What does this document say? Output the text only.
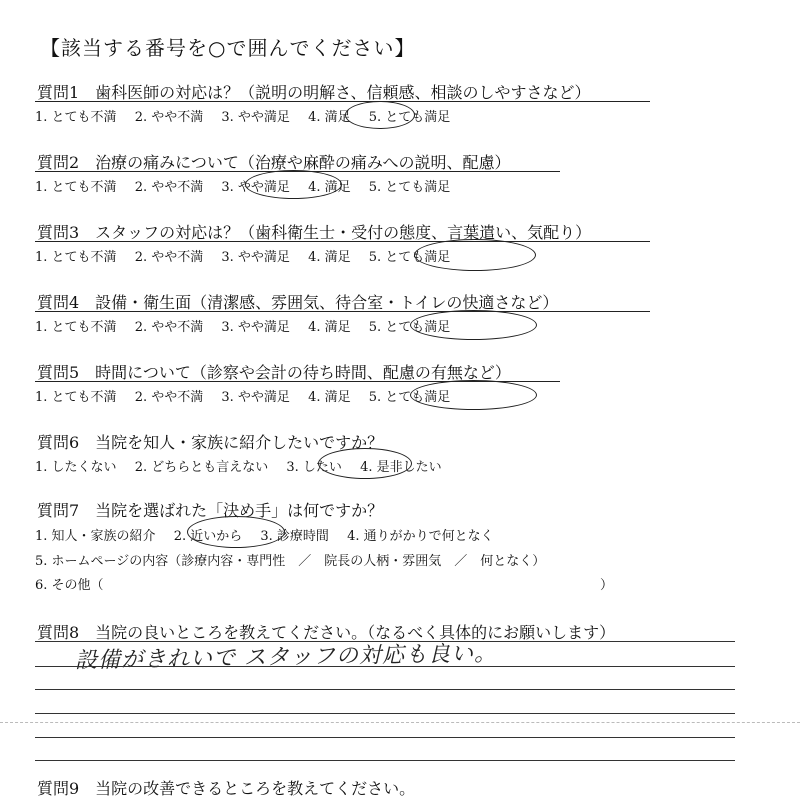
【該当する番号を○で囲んでください】
質問1　歯科医師の対応は？（説明の明解さ、信頼感、相談のしやすさなど）
1. とても不満 2. やや不満 3. やや満足 4. 満足 5. とても満足
質問2　治療の痛みについて（治療や麻酔の痛みへの説明、配慮）
1. とても不満 2. やや不満 3. やや満足 4. 満足 5. とても満足
質問3　スタッフの対応は？（歯科衛生士・受付の態度、言葉遣い、気配り）
1. とても不満 2. やや不満 3. やや満足 4. 満足 5. とても満足
質問4　設備・衛生面（清潔感、雰囲気、待合室・トイレの快適さなど）
1. とても不満 2. やや不満 3. やや満足 4. 満足 5. とても満足
質問5　時間について（診察や会計の待ち時間、配慮の有無など）
1. とても不満 2. やや不満 3. やや満足 4. 満足 5. とても満足
質問6　当院を知人・家族に紹介したいですか？
1. したくない 2. どちらとも言えない 3. したい 4. 是非したい
質問7　当院を選ばれた「決め手」は何ですか？
1. 知人・家族の紹介 2. 近いから 3. 診療時間 4. 通りがかりで何となく
5. ホームページの内容（診療内容・専門性　／　院長の人柄・雰囲気　／　何となく）
6. その他（	）
質問8　当院の良いところを教えてください。（なるべく具体的にお願いします）
設備がきれいで スタッフの対応も良い。
質問9　当院の改善できるところを教えてください。
